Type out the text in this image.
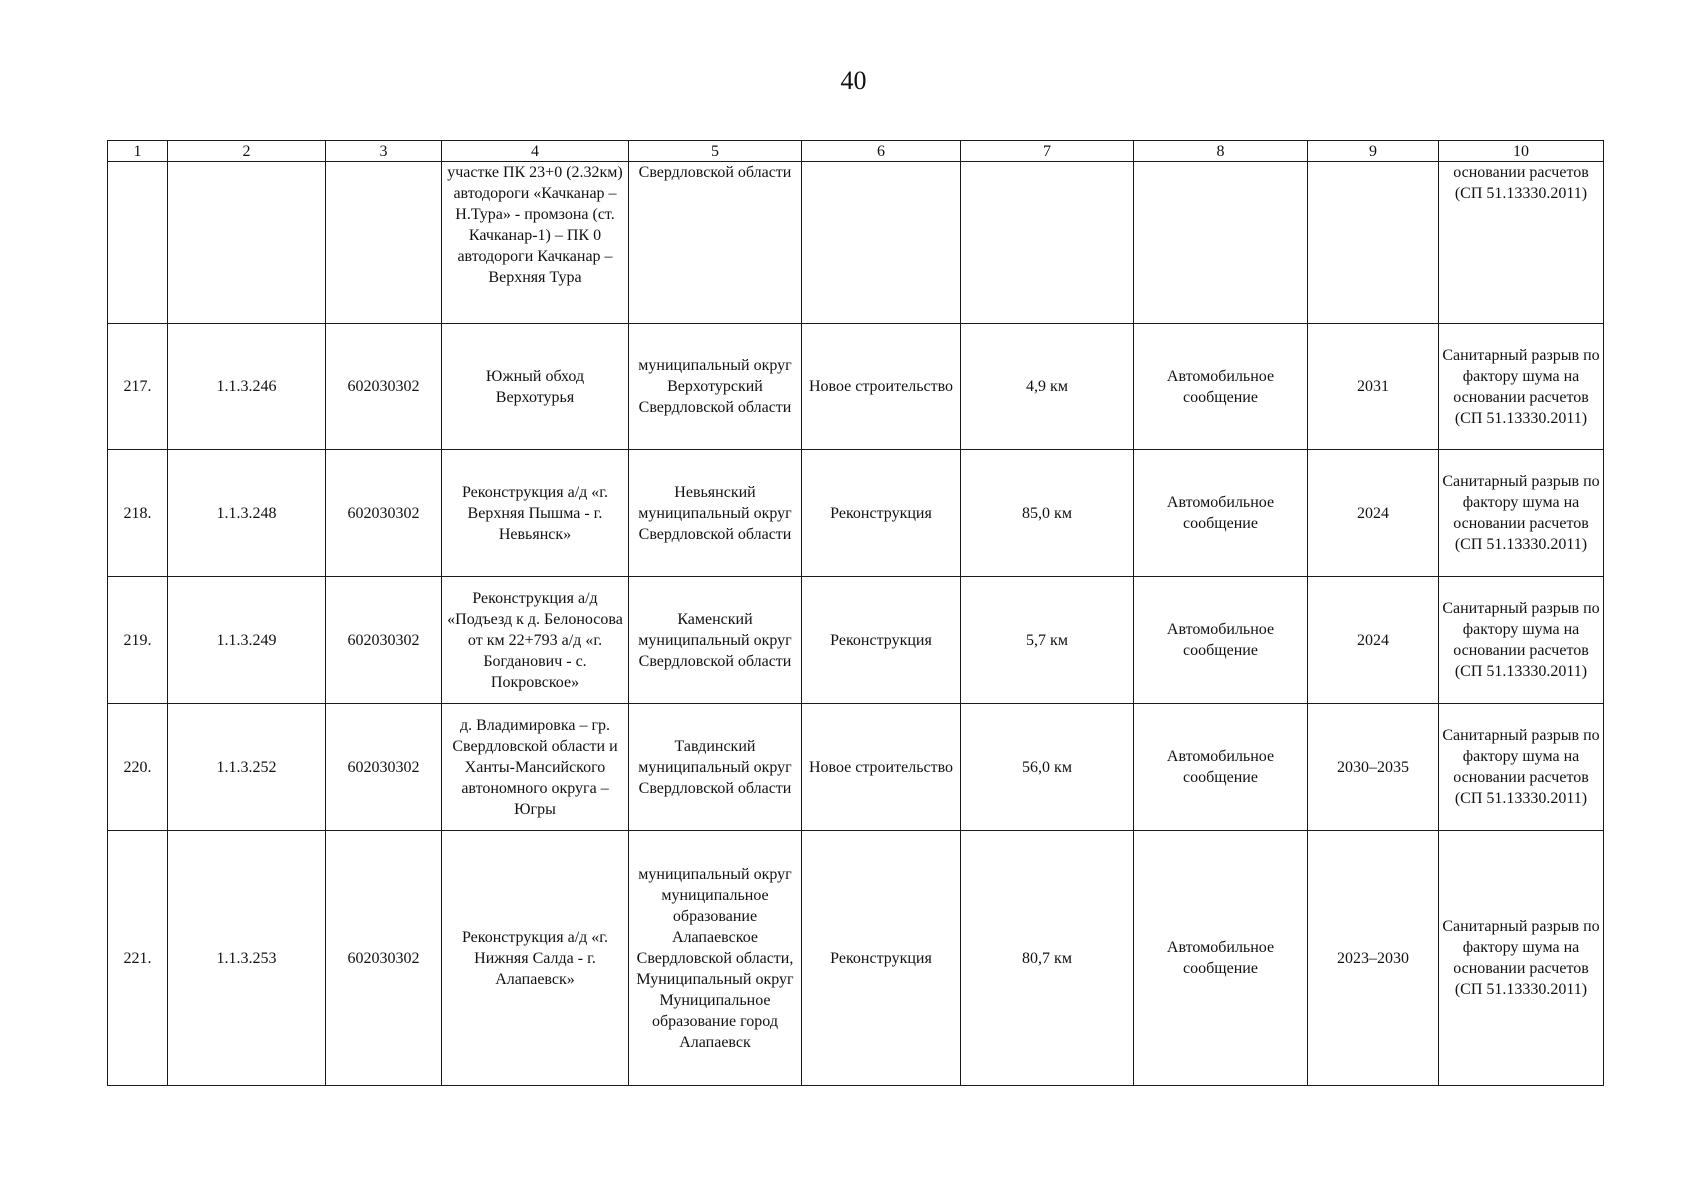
40
1	2	3	4	5	6	7	8	9	10
			участке ПК 23+0 (2.32км) автодороги «Качканар – Н.Тура» - промзона (ст. Качканар-1) – ПК 0 автодороги Качканар – Верхняя Тура	Свердловской области					основании расчетов (СП 51.13330.2011)
217.	1.1.3.246	602030302	Южный обход Верхотурья	муниципальный округ Верхотурский Свердловской области	Новое строительство	4,9 км	Автомобильное сообщение	2031	Санитарный разрыв по фактору шума на основании расчетов (СП 51.13330.2011)
218.	1.1.3.248	602030302	Реконструкция а/д «г. Верхняя Пышма - г. Невьянск»	Невьянский муниципальный округ Свердловской области	Реконструкция	85,0 км	Автомобильное сообщение	2024	Санитарный разрыв по фактору шума на основании расчетов (СП 51.13330.2011)
219.	1.1.3.249	602030302	Реконструкция а/д «Подъезд к д. Белоносова от км 22+793 а/д «г. Богданович - с. Покровское»	Каменский муниципальный округ Свердловской области	Реконструкция	5,7 км	Автомобильное сообщение	2024	Санитарный разрыв по фактору шума на основании расчетов (СП 51.13330.2011)
220.	1.1.3.252	602030302	д. Владимировка – гр. Свердловской области и Ханты-Мансийского автономного округа – Югры	Тавдинский муниципальный округ Свердловской области	Новое строительство	56,0 км	Автомобильное сообщение	2030–2035	Санитарный разрыв по фактору шума на основании расчетов (СП 51.13330.2011)
221.	1.1.3.253	602030302	Реконструкция а/д «г. Нижняя Салда - г. Алапаевск»	муниципальный округ муниципальное образование Алапаевское Свердловской области, Муниципальный округ Муниципальное образование город Алапаевск	Реконструкция	80,7 км	Автомобильное сообщение	2023–2030	Санитарный разрыв по фактору шума на основании расчетов (СП 51.13330.2011)
